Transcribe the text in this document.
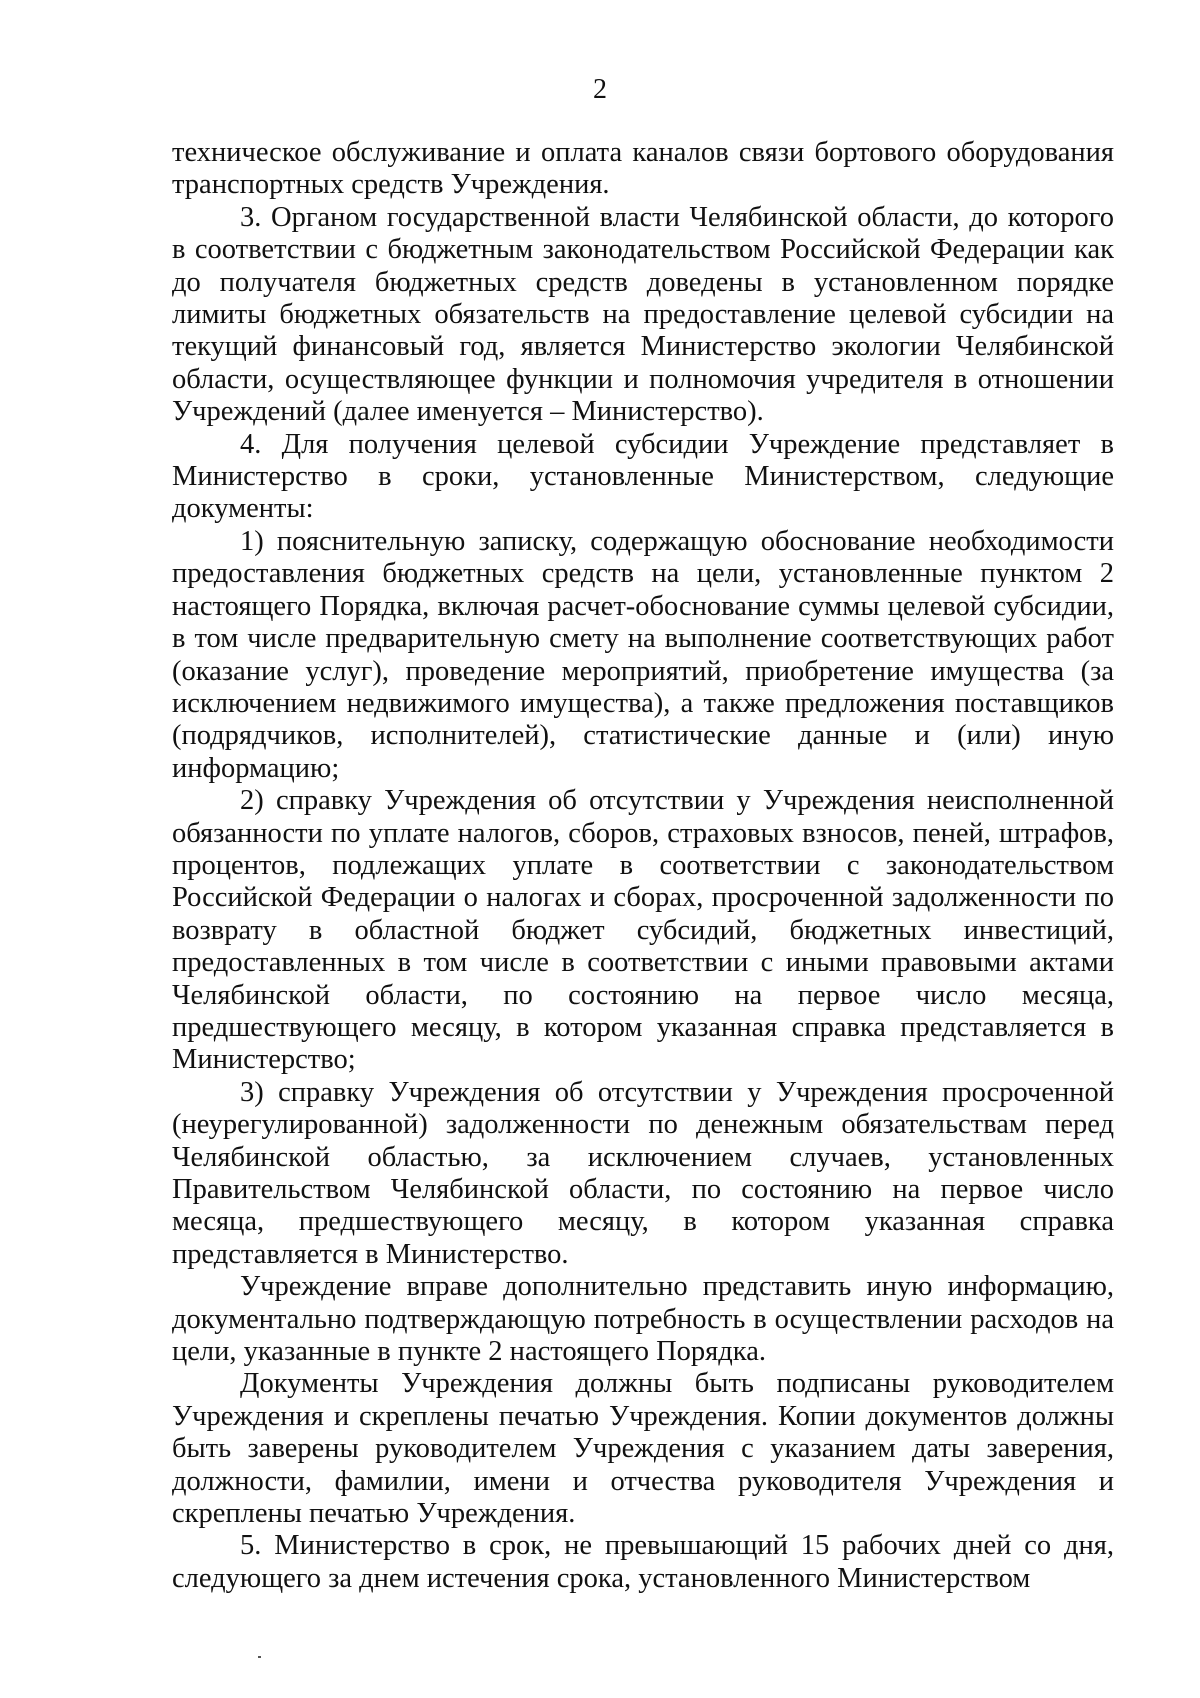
2

техническое обслуживание и оплата каналов связи бортового оборудования транспортных средств Учреждения.

3. Органом государственной власти Челябинской области, до которого в соответствии с бюджетным законодательством Российской Федерации как до получателя бюджетных средств доведены в установленном порядке лимиты бюджетных обязательств на предоставление целевой субсидии на текущий финансовый год, является Министерство экологии Челябинской области, осуществляющее функции и полномочия учредителя в отношении Учреждений (далее именуется – Министерство).

4. Для получения целевой субсидии Учреждение представляет в Министерство в сроки, установленные Министерством, следующие документы:

1) пояснительную записку, содержащую обоснование необходимости предоставления бюджетных средств на цели, установленные пунктом 2 настоящего Порядка, включая расчет-обоснование суммы целевой субсидии, в том числе предварительную смету на выполнение соответствующих работ (оказание услуг), проведение мероприятий, приобретение имущества (за исключением недвижимого имущества), а также предложения поставщиков (подрядчиков, исполнителей), статистические данные и (или) иную информацию;

2) справку Учреждения об отсутствии у Учреждения неисполненной обязанности по уплате налогов, сборов, страховых взносов, пеней, штрафов, процентов, подлежащих уплате в соответствии с законодательством Российской Федерации о налогах и сборах, просроченной задолженности по возврату в областной бюджет субсидий, бюджетных инвестиций, предоставленных в том числе в соответствии с иными правовыми актами Челябинской области, по состоянию на первое число месяца, предшествующего месяцу, в котором указанная справка представляется в Министерство;

3) справку Учреждения об отсутствии у Учреждения просроченной (неурегулированной) задолженности по денежным обязательствам перед Челябинской областью, за исключением случаев, установленных Правительством Челябинской области, по состоянию на первое число месяца, предшествующего месяцу, в котором указанная справка представляется в Министерство.

Учреждение вправе дополнительно представить иную информацию, документально подтверждающую потребность в осуществлении расходов на цели, указанные в пункте 2 настоящего Порядка.

Документы Учреждения должны быть подписаны руководителем Учреждения и скреплены печатью Учреждения. Копии документов должны быть заверены руководителем Учреждения с указанием даты заверения, должности, фамилии, имени и отчества руководителя Учреждения и скреплены печатью Учреждения.

5. Министерство в срок, не превышающий 15 рабочих дней со дня, следующего за днем истечения срока, установленного Министерством
